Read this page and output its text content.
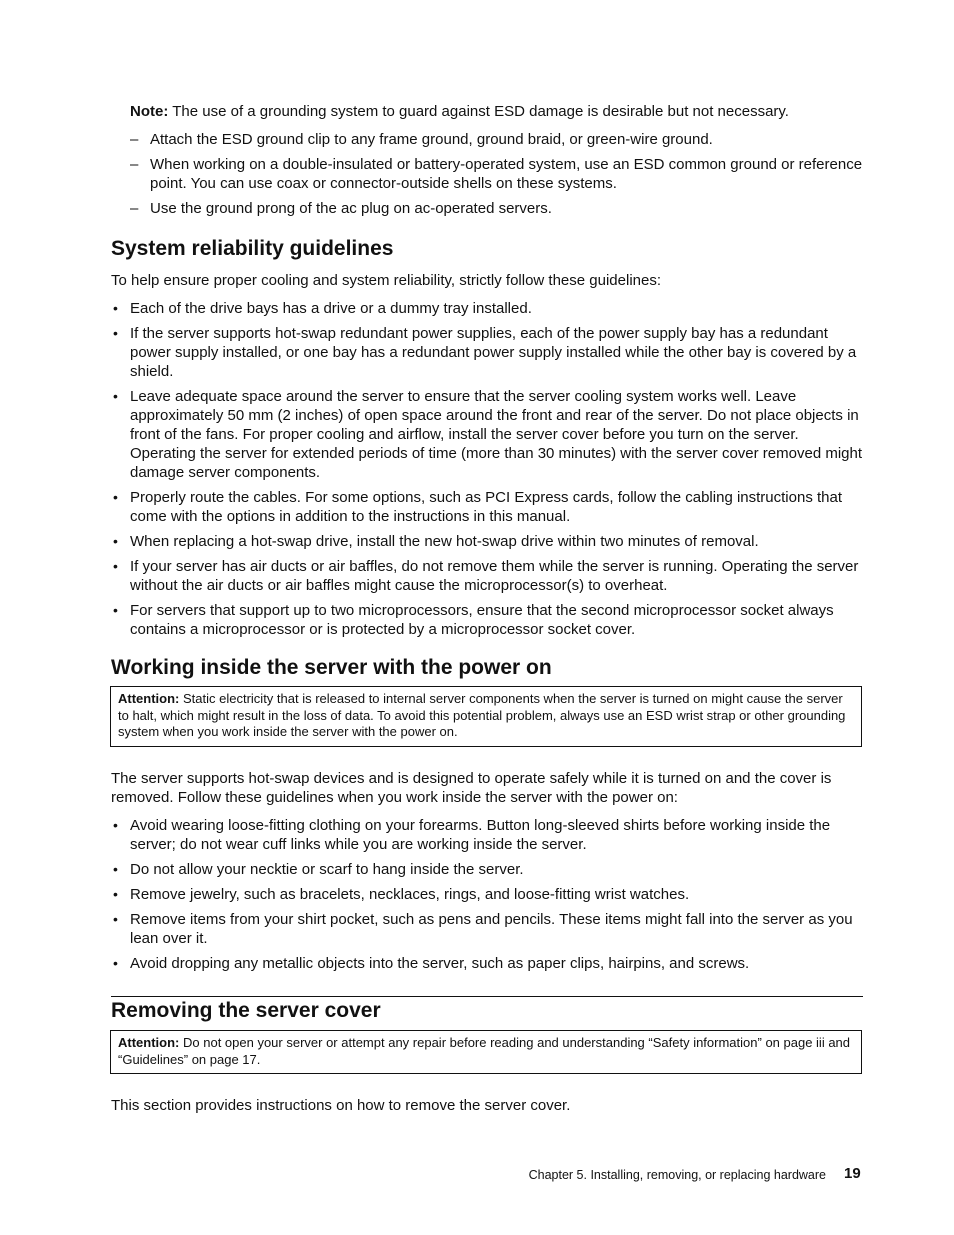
Note: The use of a grounding system to guard against ESD damage is desirable but not necessary.
– Attach the ESD ground clip to any frame ground, ground braid, or green-wire ground.
– When working on a double-insulated or battery-operated system, use an ESD common ground or reference point. You can use coax or connector-outside shells on these systems.
– Use the ground prong of the ac plug on ac-operated servers.
System reliability guidelines
To help ensure proper cooling and system reliability, strictly follow these guidelines:
• Each of the drive bays has a drive or a dummy tray installed.
• If the server supports hot-swap redundant power supplies, each of the power supply bay has a redundant power supply installed, or one bay has a redundant power supply installed while the other bay is covered by a shield.
• Leave adequate space around the server to ensure that the server cooling system works well. Leave approximately 50 mm (2 inches) of open space around the front and rear of the server. Do not place objects in front of the fans. For proper cooling and airflow, install the server cover before you turn on the server. Operating the server for extended periods of time (more than 30 minutes) with the server cover removed might damage server components.
• Properly route the cables. For some options, such as PCI Express cards, follow the cabling instructions that come with the options in addition to the instructions in this manual.
• When replacing a hot-swap drive, install the new hot-swap drive within two minutes of removal.
• If your server has air ducts or air baffles, do not remove them while the server is running. Operating the server without the air ducts or air baffles might cause the microprocessor(s) to overheat.
• For servers that support up to two microprocessors, ensure that the second microprocessor socket always contains a microprocessor or is protected by a microprocessor socket cover.
Working inside the server with the power on
Attention: Static electricity that is released to internal server components when the server is turned on might cause the server to halt, which might result in the loss of data. To avoid this potential problem, always use an ESD wrist strap or other grounding system when you work inside the server with the power on.
The server supports hot-swap devices and is designed to operate safely while it is turned on and the cover is removed. Follow these guidelines when you work inside the server with the power on:
• Avoid wearing loose-fitting clothing on your forearms. Button long-sleeved shirts before working inside the server; do not wear cuff links while you are working inside the server.
• Do not allow your necktie or scarf to hang inside the server.
• Remove jewelry, such as bracelets, necklaces, rings, and loose-fitting wrist watches.
• Remove items from your shirt pocket, such as pens and pencils. These items might fall into the server as you lean over it.
• Avoid dropping any metallic objects into the server, such as paper clips, hairpins, and screws.
Removing the server cover
Attention: Do not open your server or attempt any repair before reading and understanding “Safety information” on page iii and “Guidelines” on page 17.
This section provides instructions on how to remove the server cover.
Chapter 5. Installing, removing, or replacing hardware 19
